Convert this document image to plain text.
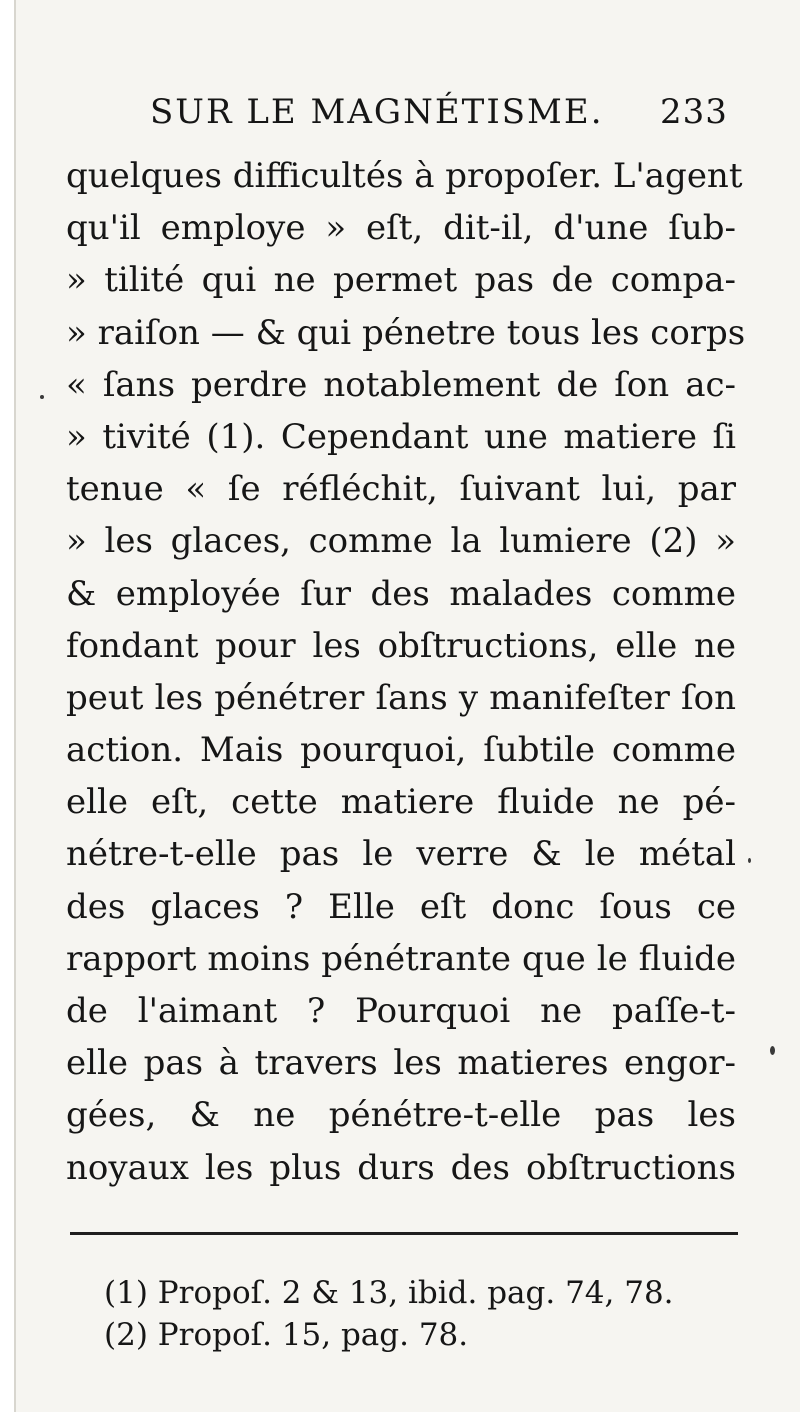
SUR LE MAGNÉTISME. 233
quelques difficultés à propoſer. L'agent
qu'il employe » eſt, dit-il, d'une ſub-
» tilité qui ne permet pas de compa-
» raiſon — & qui pénetre tous les corps
« ſans perdre notablement de ſon ac-
» tivité (1). Cependant une matiere ſi
tenue « ſe réfléchit, ſuivant lui, par
» les glaces, comme la lumiere (2) »
& employée ſur des malades comme
fondant pour les obſtructions, elle ne
peut les pénétrer ſans y manifeſter ſon
action. Mais pourquoi, ſubtile comme
elle eſt, cette matiere fluide ne pé-
nétre-t-elle pas le verre & le métal
des glaces ? Elle eſt donc ſous ce
rapport moins pénétrante que le fluide
de l'aimant ? Pourquoi ne paſſe-t-
elle pas à travers les matieres engor-
gées, & ne pénétre-t-elle pas les
noyaux les plus durs des obſtructions
(1) Propoſ. 2 & 13, ibid. pag. 74, 78.
(2) Propoſ. 15, pag. 78.
